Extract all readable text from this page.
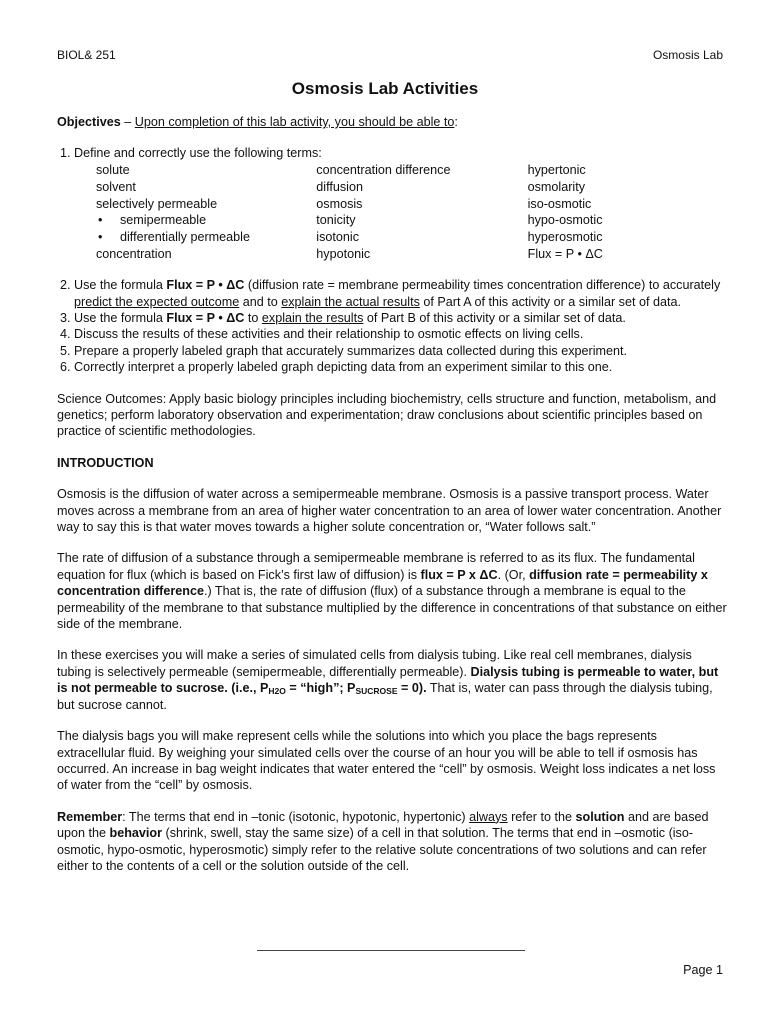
BIOL& 251	Osmosis Lab
Osmosis Lab Activities

Objectives – Upon completion of this lab activity, you should be able to:

1. Define and correctly use the following terms:
solute
solvent
selectively permeable
• semipermeable
• differentially permeable
concentration
concentration difference
diffusion
osmosis
tonicity
isotonic
hypotonic
hypertonic
osmolarity
iso-osmotic
hypo-osmotic
hyperosmotic
Flux = P • ΔC
2. Use the formula Flux = P • ΔC (diffusion rate = membrane permeability times concentration difference) to accurately predict the expected outcome and to explain the actual results of Part A of this activity or a similar set of data.
3. Use the formula Flux = P • ΔC to explain the results of Part B of this activity or a similar set of data.
4. Discuss the results of these activities and their relationship to osmotic effects on living cells.
5. Prepare a properly labeled graph that accurately summarizes data collected during this experiment.
6. Correctly interpret a properly labeled graph depicting data from an experiment similar to this one.

Science Outcomes: Apply basic biology principles including biochemistry, cells structure and function, metabolism, and genetics; perform laboratory observation and experimentation; draw conclusions about scientific principles based on practice of scientific methodologies.

INTRODUCTION

Osmosis is the diffusion of water across a semipermeable membrane. Osmosis is a passive transport process. Water moves across a membrane from an area of higher water concentration to an area of lower water concentration. Another way to say this is that water moves towards a higher solute concentration or, “Water follows salt.”

The rate of diffusion of a substance through a semipermeable membrane is referred to as its flux. The fundamental equation for flux (which is based on Fick’s first law of diffusion) is flux = P x ΔC. (Or, diffusion rate = permeability x concentration difference.) That is, the rate of diffusion (flux) of a substance through a membrane is equal to the permeability of the membrane to that substance multiplied by the difference in concentrations of that substance on either side of the membrane.

In these exercises you will make a series of simulated cells from dialysis tubing. Like real cell membranes, dialysis tubing is selectively permeable (semipermeable, differentially permeable). Dialysis tubing is permeable to water, but is not permeable to sucrose. (i.e., $P_{H2O}$ = “high”; $P_{SUCROSE} = 0$). That is, water can pass through the dialysis tubing, but sucrose cannot.

The dialysis bags you will make represent cells while the solutions into which you place the bags represents extracellular fluid. By weighing your simulated cells over the course of an hour you will be able to tell if osmosis has occurred. An increase in bag weight indicates that water entered the “cell” by osmosis. Weight loss indicates a net loss of water from the “cell” by osmosis.

Remember: The terms that end in –tonic (isotonic, hypotonic, hypertonic) always refer to the solution and are based upon the behavior (shrink, swell, stay the same size) of a cell in that solution. The terms that end in –osmotic (iso-osmotic, hypo-osmotic, hyperosmotic) simply refer to the relative solute concentrations of two solutions and can refer either to the contents of a cell or the solution outside of the cell.

Page 1
